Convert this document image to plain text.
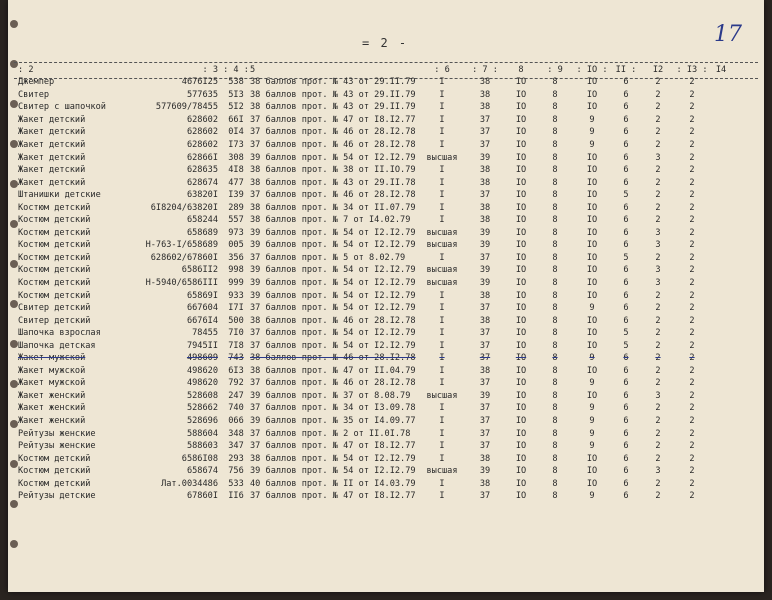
= 2 -	17
: 2	: 3	: 4 :	5	: 6	: 7 :	8	: 9	: IO :	II :	I2	: I3 :	I4
Джемпер	4676I25	538	38 баллов прот. № 43 от 29.II.79	I	38	IO	8	IO	6	2	2	
Свитер	577635	5I3	38 баллов прот. № 43 от 29.II.79	I	38	IO	8	IO	6	2	2	
Свитер с шапочкой	577609/78455	5I2	38 баллов прот. № 43 от 29.II.79	I	38	IO	8	IO	6	2	2	
Жакет детский	628602	66I	37 баллов прот. № 47 от I8.I2.77	I	37	IO	8	9	6	2	2	
Жакет детский	628602	0I4	37 баллов прот. № 46 от 28.I2.78	I	37	IO	8	9	6	2	2	
Жакет детский	628602	I73	37 баллов прот. № 46 от 28.I2.78	I	37	IO	8	9	6	2	2	
Жакет детский	62866I	308	39 баллов прот. № 54 от I2.I2.79	высшая	39	IO	8	IO	6	3	2	
Жакет детский	628635	4I8	38 баллов прот. № 38 от II.IO.79	I	38	IO	8	IO	6	2	2	
Жакет детский	628674	477	38 баллов прот. № 43 от 29.II.78	I	38	IO	8	IO	6	2	2	
Штанишки детские	63820I	I39	37 баллов прот. № 46 от 28.I2.78	I	37	IO	8	IO	5	2	2	
Костюм детский	6I8204/63820I	289	38 баллов прот. № 34 от II.07.79	I	38	IO	8	IO	6	2	2	
Костюм детский	658244	557	38 баллов прот. № 7 от I4.02.79	I	38	IO	8	IO	6	2	2	
Костюм детский	658689	973	39 баллов прот. № 54 от I2.I2.79	высшая	39	IO	8	IO	6	3	2	
Костюм детский	Н-763-I/658689	005	39 баллов прот. № 54 от I2.I2.79	высшая	39	IO	8	IO	6	3	2	
Костюм детский	628602/67860I	356	37 баллов прот. № 5 от 8.02.79	I	37	IO	8	IO	5	2	2	
Костюм детский	6586II2	998	39 баллов прот. № 54 от I2.I2.79	высшая	39	IO	8	IO	6	3	2	
Костюм детский	Н-5940/6586III	999	39 баллов прот. № 54 от I2.I2.79	высшая	39	IO	8	IO	6	3	2	
Костюм детский	65869I	933	39 баллов прот. № 54 от I2.I2.79	I	38	IO	8	IO	6	2	2	
Свитер детский	667604	I7I	37 баллов прот. № 54 от I2.I2.79	I	37	IO	8	9	6	2	2	
Свитер детский	6676I4	500	38 баллов прот. № 46 от 28.I2.78	I	38	IO	8	IO	6	2	2	
Шапочка взрослая	78455	7I0	37 баллов прот. № 54 от I2.I2.79	I	37	IO	8	IO	5	2	2	
Шапочка детская	7945II	7I8	37 баллов прот. № 54 от I2.I2.79	I	37	IO	8	IO	5	2	2	
Жакет мужской	498609	743	38 баллов прот. № 46 от 28.I2.78	I	37	IO	8	9	6	2	2	
Жакет мужской	498620	6I3	38 баллов прот. № 47 от II.04.79	I	38	IO	8	IO	6	2	2	
Жакет мужской	498620	792	37 баллов прот. № 46 от 28.I2.78	I	37	IO	8	9	6	2	2	
Жакет женский	528608	247	39 баллов прот. № 37 от 8.08.79	высшая	39	IO	8	IO	6	3	2	
Жакет женский	528662	740	37 баллов прот. № 34 от I3.09.78	I	37	IO	8	9	6	2	2	
Жакет женский	528696	066	39 баллов прот. № 35 от I4.09.77	I	37	IO	8	9	6	2	2	
Рейтузы женские	588604	348	37 баллов прот. № 2 от II.0I.78	I	37	IO	8	9	6	2	2	
Рейтузы женские	588603	347	37 баллов прот. № 47 от I8.I2.77	I	37	IO	8	9	6	2	2	
Костюм детский	6586I08	293	38 баллов прот. № 54 от I2.I2.79	I	38	IO	8	IO	6	2	2	
Костюм детский	658674	756	39 баллов прот. № 54 от I2.I2.79	высшая	39	IO	8	IO	6	3	2	
Костюм детский	Лат.0034486	533	40 баллов прот. № II от I4.03.79	I	38	IO	8	IO	6	2	2	
Рейтузы детские	67860I	II6	37 баллов прот. № 47 от I8.I2.77	I	37	IO	8	9	6	2	2	
